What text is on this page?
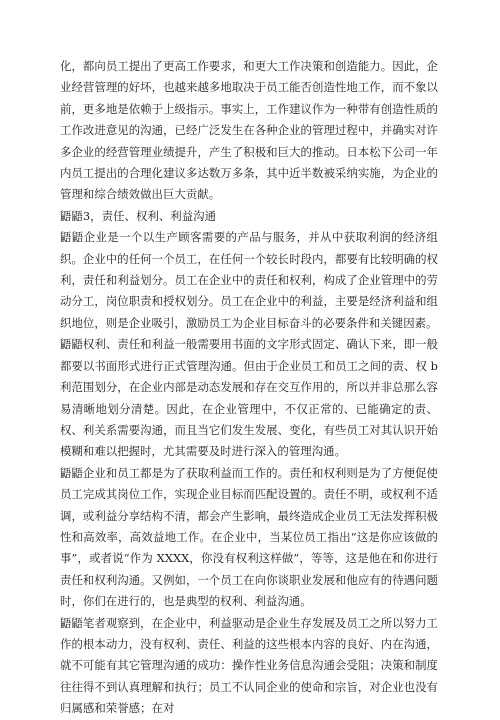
化，都向员工提出了更高工作要求，和更大工作决策和创造能力。因此，企业经营管理的好坏，也越来越多地取决于员工能否创造性地工作，而不象以前，更多地是依赖于上级指示。事实上，工作建议作为一种带有创造性质的工作改进意见的沟通，已经广泛发生在各种企业的管理过程中，并确实对许多企业的经营管理业绩提升，产生了积极和巨大的推动。日本松下公司一年内员工提出的合理化建议多达数万多条，其中近半数被采纳实施，为企业的管理和综合绩效做出巨大贡献。

鼯鼯3，责任、权利、利益沟通

鼯鼯企业是一个以生产顾客需要的产品与服务，并从中获取利润的经济组织。企业中的任何一个员工，在任何一个较长时段内，都要有比较明确的权利，责任和利益划分。员工在企业中的责任和权利，构成了企业管理中的劳动分工，岗位职责和授权划分。员工在企业中的利益，主要是经济利益和组织地位，则是企业吸引，激励员工为企业目标奋斗的必要条件和关键因素。

鼯鼯权利、责任和利益一般需要用书面的文字形式固定、确认下来，即一般都要以书面形式进行正式管理沟通。但由于企业员工和员工之间的责、权 b 利范围划分，在企业内部是动态发展和存在交互作用的，所以并非总那么容易清晰地划分清楚。因此，在企业管理中，不仅正常的、已能确定的责、权、利关系需要沟通，而且当它们发生发展、变化，有些员工对其认识开始模糊和难以把握时，尤其需要及时进行深入的管理沟通。

鼯鼯企业和员工都是为了获取利益而工作的。责任和权利则是为了方便促使员工完成其岗位工作，实现企业目标而匹配设置的。责任不明，或权利不适调，或利益分享结构不清，都会产生影响，最终造成企业员工无法发挥积极性和高效率，高效益地工作。在企业中，当某位员工指出“这是你应该做的事”，或者说“作为 XXXX，你没有权利这样做”，等等，这是他在和你进行责任和权利沟通。又例如，一个员工在向你谈职业发展和他应有的待遇问题时，你们在进行的，也是典型的权利、利益沟通。

鼯鼯笔者观察到，在企业中，利益驱动是企业生存发展及员工之所以努力工作的根本动力，没有权利、责任、利益的这些根本内容的良好、内在沟通，就不可能有其它管理沟通的成功：操作性业务信息沟通会受阻；决策和制度往往得不到认真理解和执行；员工不认同企业的使命和宗旨，对企业也没有归属感和荣誉感；在对
